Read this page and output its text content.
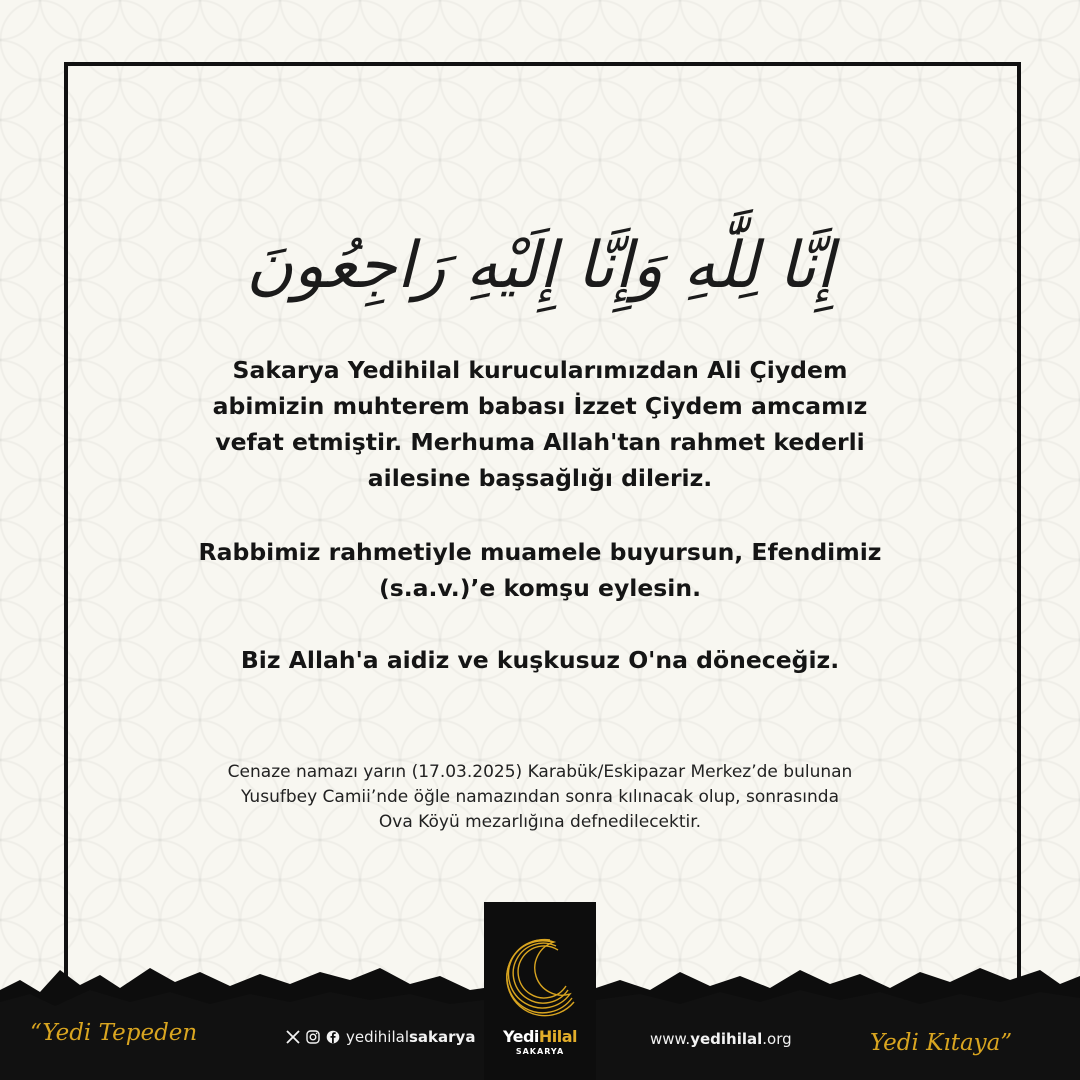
إِنَّا لِلَّٰهِ وَإِنَّا إِلَيْهِ رَاجِعُونَ

Sakarya Yedihilal kurucularımızdan Ali Çiydem
abimizin muhterem babası İzzet Çiydem amcamız
vefat etmiştir. Merhuma Allah'tan rahmet kederli
ailesine başsağlığı dileriz.

Rabbimiz rahmetiyle muamele buyursun, Efendimiz
(s.a.v.)’e komşu eylesin.

Biz Allah'a aidiz ve kuşkusuz O'na döneceğiz.

Cenaze namazı yarın (17.03.2025) Karabük/Eskipazar Merkez’de bulunan
Yusufbey Camii’nde öğle namazından sonra kılınacak olup, sonrasında
Ova Köyü mezarlığına defnedilecektir.
“Yedi Tepeden	Yedi Kıtaya”
yedihilalsakarya	YediHilal
SAKARYA
www.yedihilal.org
